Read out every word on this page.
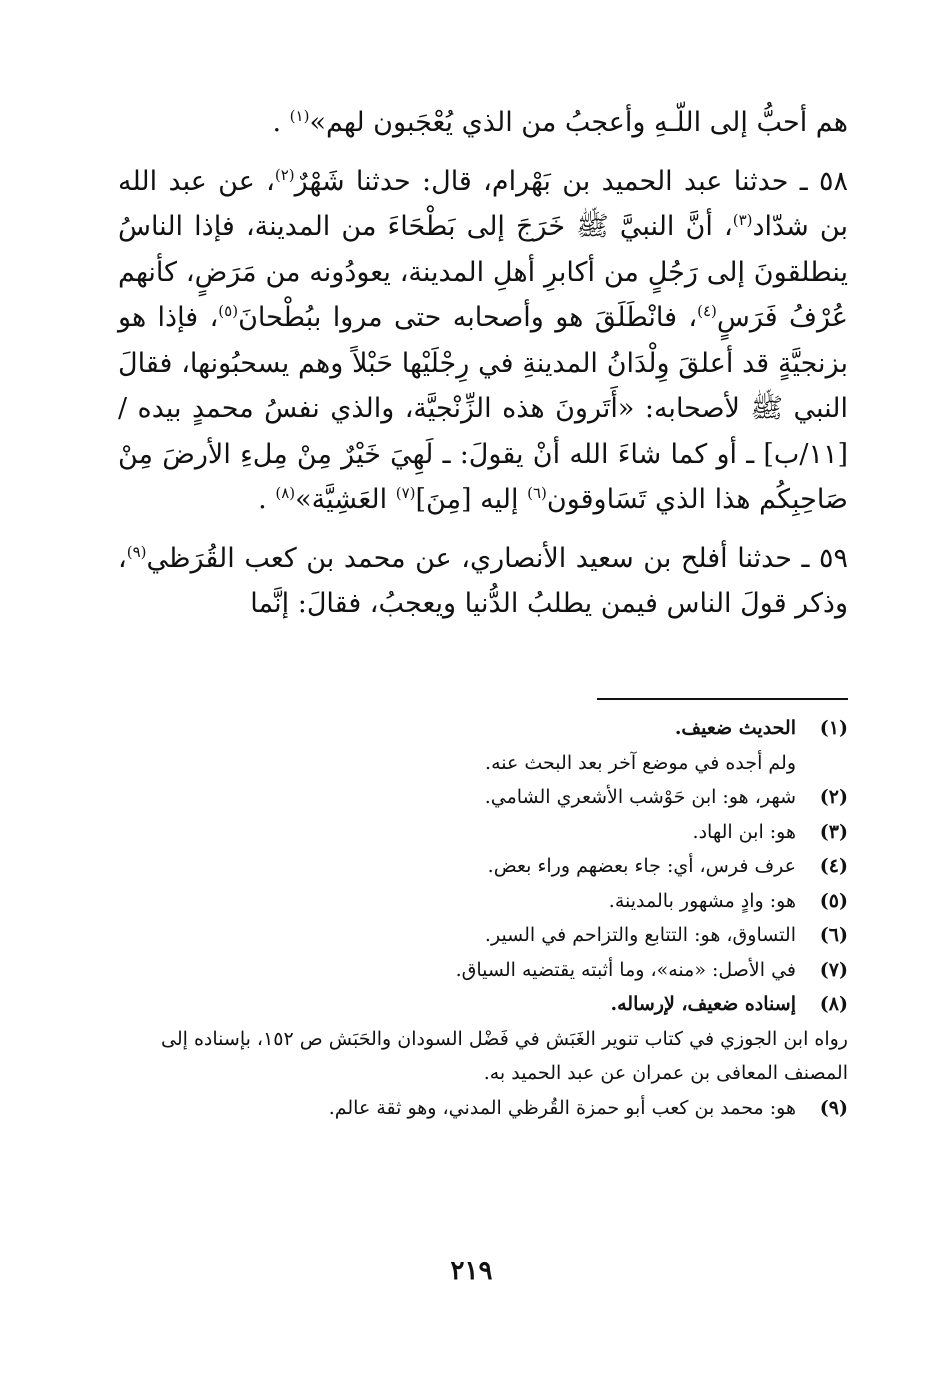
هم أحبُّ إلى اللّـهِ وأعجبُ من الذي يُعْجَبون لهم»$^{(١)}$ .

٥٨ ـ حدثنا عبد الحميد بن بَهْرام، قال: حدثنا شَهْرٌ$^{(٢)}$، عن عبد الله بن شدّاد$^{(٣)}$، أنَّ النبيَّ ﷺ خَرَجَ إلى بَطْحَاءَ من المدينة، فإذا الناسُ ينطلقونَ إلى رَجُلٍ من أكابرِ أهلِ المدينة، يعودُونه من مَرَضٍ، كأنهم عُرْفُ فَرَسٍ$^{(٤)}$، فانْطَلَقَ هو وأصحابه حتى مروا ببُطْحانَ$^{(٥)}$، فإذا هو بزنجيَّةٍ قد أعلقَ وِلْدَانُ المدينةِ في رِجْلَيْها حَبْلاً وهم يسحبُونها، فقالَ النبي ﷺ لأصحابه: «أَتَرونَ هذه الزِّنْجيَّة، والذي نفسُ محمدٍ بيده / [١١/ب] ـ أو كما شاءَ الله أنْ يقولَ: ـ لَهِيَ خَيْرٌ مِنْ مِلءِ الأرضَ مِنْ صَاحِبِكُم هذا الذي تَسَاوقون$^{(٦)}$ إليه [مِنَ]$^{(٧)}$ العَشِيَّة»$^{(٨)}$ .

٥٩ ـ حدثنا أفلح بن سعيد الأنصاري، عن محمد بن كعب القُرَظي$^{(٩)}$، وذكر قولَ الناس فيمن يطلبُ الدُّنيا ويعجبُ، فقالَ: إنَّما

(١)
الحديث ضعيف.
ولم أجده في موضع آخر بعد البحث عنه.
(٢)
شهر، هو: ابن حَوْشب الأشعري الشامي.
(٣)
هو: ابن الهاد.
(٤)
عرف فرس، أي: جاء بعضهم وراء بعض.
(٥)
هو: وادٍ مشهور بالمدينة.
(٦)
التساوق، هو: التتابع والتزاحم في السير.
(٧)
في الأصل: «منه»، وما أثبته يقتضيه السياق.
(٨)
إسناده ضعيف، لإرساله.
رواه ابن الجوزي في كتاب تنوير الغَبَش في فَضْل السودان والحَبَش ص ١٥٢، بإسناده إلى المصنف المعافى بن عمران عن عبد الحميد به.
(٩)
هو: محمد بن كعب أبو حمزة القُرظي المدني، وهو ثقة عالم.
٢١٩
